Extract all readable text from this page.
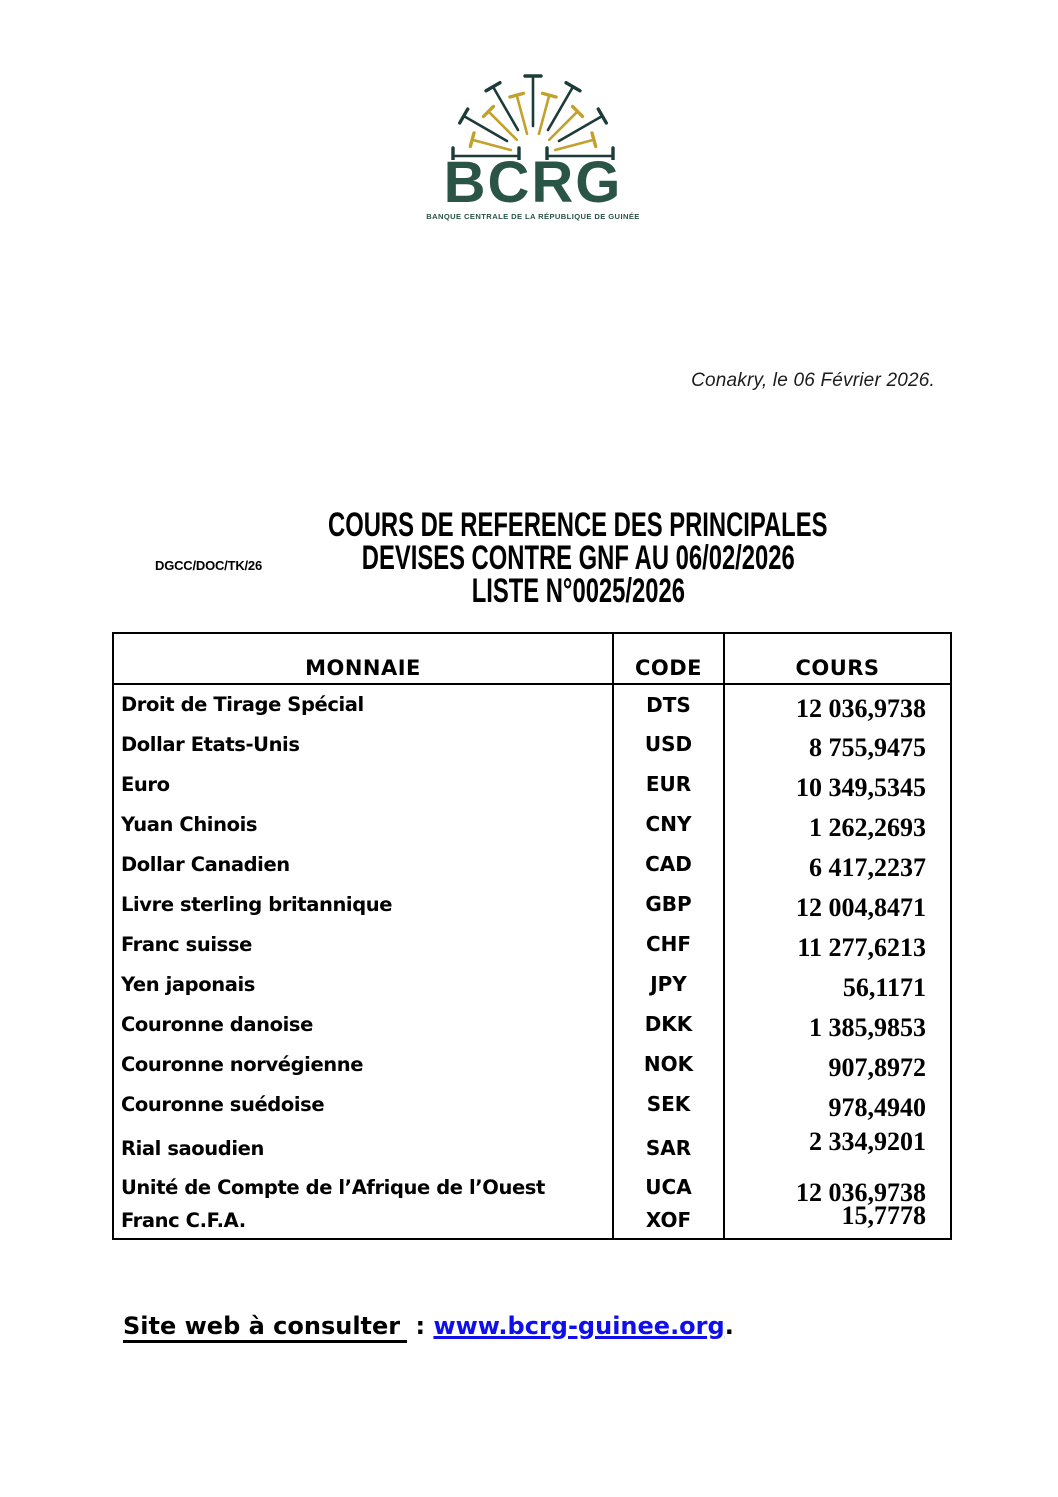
BCRG
BANQUE CENTRALE DE LA RÉPUBLIQUE DE GUINÉE
Conakry, le 06 Février 2026.
DGCC/DOC/TK/26
COURS DE REFERENCE DES PRINCIPALES
DEVISES CONTRE GNF AU 06/02/2026
LISTE N°0025/2026
MONNAIE	CODE	COURS
Droit de Tirage Spécial	DTS	12 036,9738
Dollar Etats-Unis	USD	8 755,9475
Euro	EUR	10 349,5345
Yuan Chinois	CNY	1 262,2693
Dollar Canadien	CAD	6 417,2237
Livre sterling britannique	GBP	12 004,8471
Franc suisse	CHF	11 277,6213
Yen japonais	JPY	56,1171
Couronne danoise	DKK	1 385,9853
Couronne norvégienne	NOK	907,8972
Couronne suédoise	SEK	978,4940
Rial saoudien	SAR	2 334,9201
Unité de Compte de l’Afrique de l’Ouest	UCA	12 036,9738
Franc C.F.A.	XOF	15,7778
Site web à consulter : www.bcrg-guinee.org.
